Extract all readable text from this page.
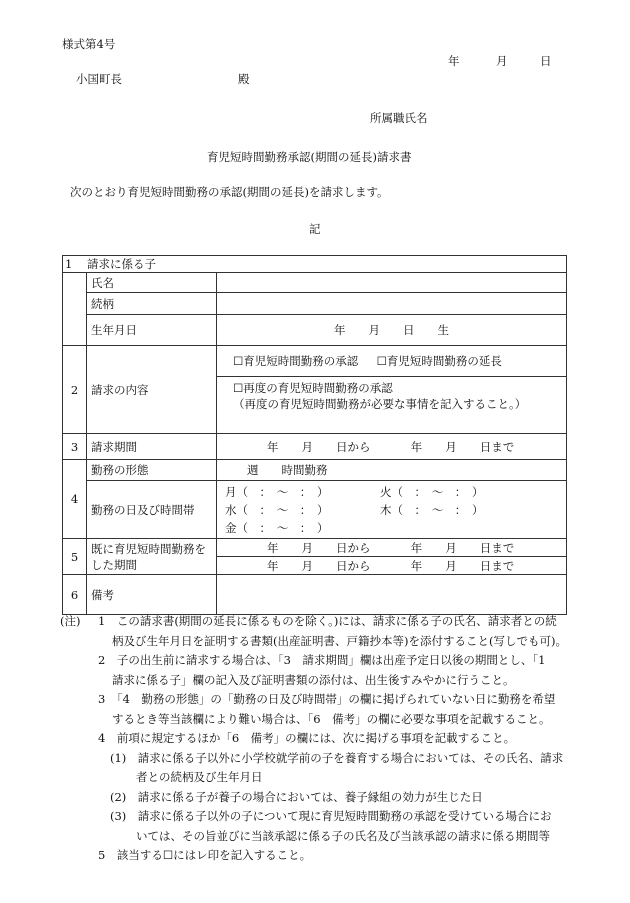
様式第4号
年	月	日
小国町長	殿
所属職氏名
育児短時間勤務承認(期間の延長)請求書
次のとおり育児短時間勤務の承認(期間の延長)を請求します。
記
1 請求に係る子		
	氏名	
	続柄	
	生年月日	年　　月　　日　　生
2	請求の内容	☐育児短時間勤務の承認 ☐育児短時間勤務の延長

		☐再度の育児短時間勤務の承認
（再度の育児短時間勤務が必要な事情を記入すること。）

3	請求期間	年　　月　　日から 年　　月　　日まで
4	勤務の形態	週　　時間勤務
	勤務の日及び時間帯	月（　：　〜　：　） 火（　：　〜　：　）
水（　：　〜　：　） 木（　：　〜　：　）
金（　：　〜　：　）

5	既に育児短時間勤務をした期間	年　　月　　日から 年　　月　　日まで
		年　　月　　日から 年　　月　　日まで
6	備考	
(注) 1　この請求書(期間の延長に係るものを除く。)には、請求に係る子の氏名、請求者との続
柄及び生年月日を証明する書類(出産証明書、戸籍抄本等)を添付すること(写しでも可)。
2　子の出生前に請求する場合は、「3　請求期間」欄は出産予定日以後の期間とし、「1
請求に係る子」欄の記入及び証明書類の添付は、出生後すみやかに行うこと。
3　「4　勤務の形態」の「勤務の日及び時間帯」の欄に掲げられていない日に勤務を希望
するとき等当該欄により難い場合は、「6　備考」の欄に必要な事項を記載すること。
4　前項に規定するほか「6　備考」の欄には、次に掲げる事項を記載すること。
(1)　請求に係る子以外に小学校就学前の子を養育する場合においては、その氏名、請求
者との続柄及び生年月日
(2)　請求に係る子が養子の場合においては、養子縁組の効力が生じた日
(3)　請求に係る子以外の子について現に育児短時間勤務の承認を受けている場合にお
いては、その旨並びに当該承認に係る子の氏名及び当該承認の請求に係る期間等
5　該当する☐にはレ印を記入すること。
